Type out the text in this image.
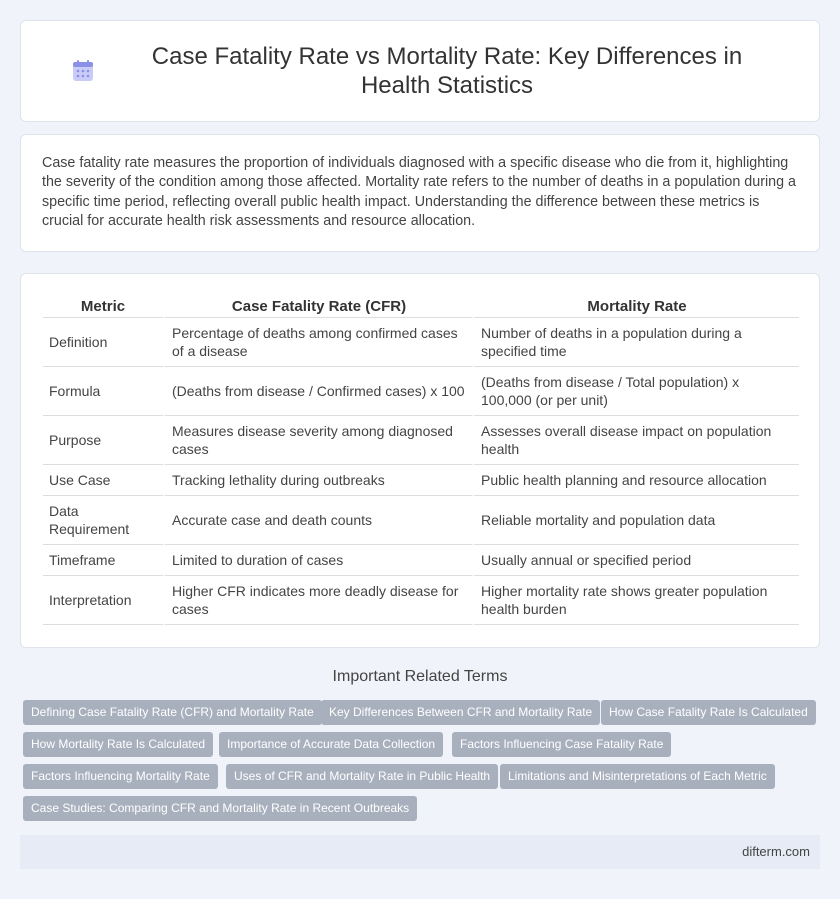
Case Fatality Rate vs Mortality Rate: Key Differences in Health Statistics

Case fatality rate measures the proportion of individuals diagnosed with a specific disease who die from it, highlighting the severity of the condition among those affected. Mortality rate refers to the number of deaths in a population during a specific time period, reflecting overall public health impact. Understanding the difference between these metrics is crucial for accurate health risk assessments and resource allocation.

Metric	Case Fatality Rate (CFR)	Mortality Rate
Definition	Percentage of deaths among confirmed cases of a disease	Number of deaths in a population during a specified time
Formula	(Deaths from disease / Confirmed cases) x 100	(Deaths from disease / Total population) x 100,000 (or per unit)
Purpose	Measures disease severity among diagnosed cases	Assesses overall disease impact on population health
Use Case	Tracking lethality during outbreaks	Public health planning and resource allocation
Data Requirement	Accurate case and death counts	Reliable mortality and population data
Timeframe	Limited to duration of cases	Usually annual or specified period
Interpretation	Higher CFR indicates more deadly disease for cases	Higher mortality rate shows greater population health burden
Important Related Terms
Defining Case Fatality Rate (CFR) and Mortality Rate	Key Differences Between CFR and Mortality Rate	How Case Fatality Rate Is Calculated
How Mortality Rate Is Calculated	Importance of Accurate Data Collection	Factors Influencing Case Fatality Rate
Factors Influencing Mortality Rate	Uses of CFR and Mortality Rate in Public Health	Limitations and Misinterpretations of Each Metric
Case Studies: Comparing CFR and Mortality Rate in Recent Outbreaks
difterm.com
